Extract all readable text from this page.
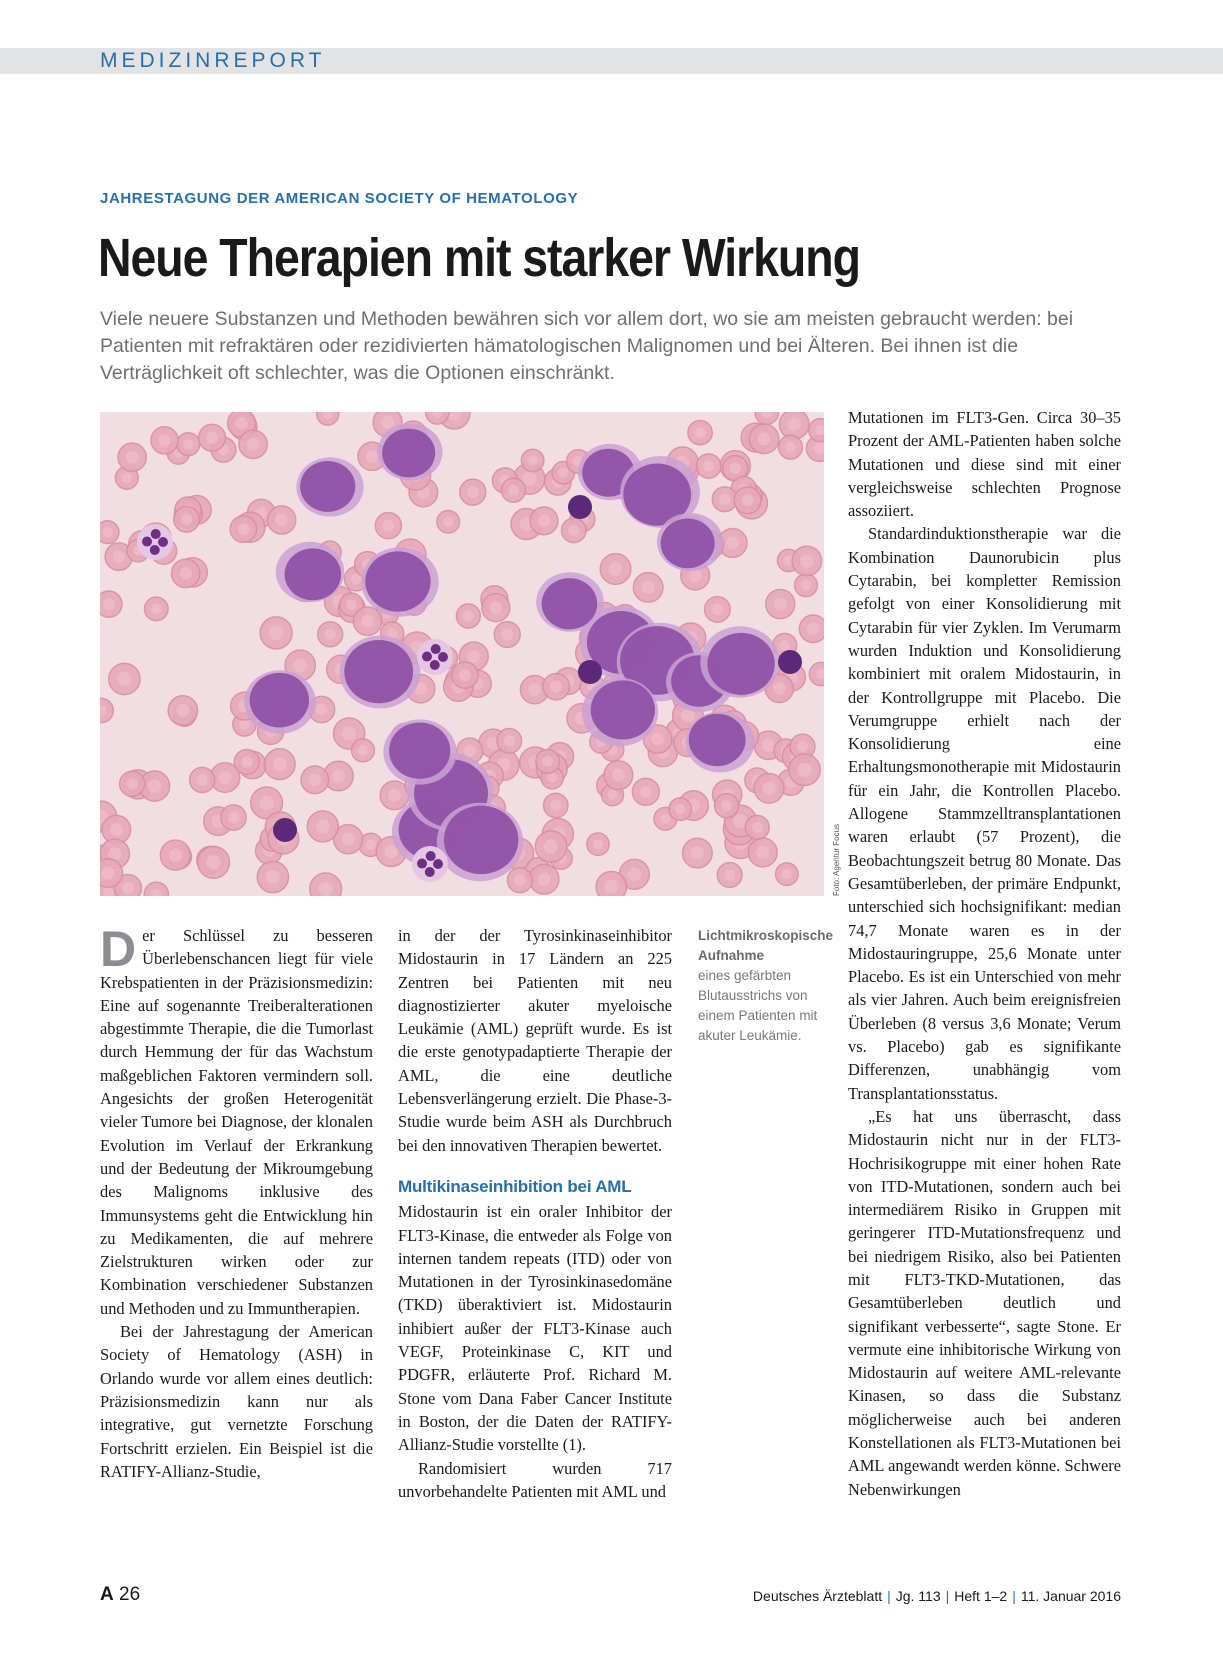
MEDIZINREPORT
JAHRESTAGUNG DER AMERICAN SOCIETY OF HEMATOLOGY
Neue Therapien mit starker Wirkung

Viele neuere Substanzen und Methoden bewähren sich vor allem dort, wo sie am meisten gebraucht werden: bei Patienten mit refraktären oder rezidivierten hämatologischen Malignomen und bei Älteren. Bei ihnen ist die Verträglichkeit oft schlechter, was die Optionen einschränkt.

Foto: Agentur Focus

Der Schlüssel zu besseren Überlebenschancen liegt für viele Krebspatienten in der Präzisionsmedizin: Eine auf sogenannte Treiberalterationen abgestimmte Therapie, die die Tumorlast durch Hemmung der für das Wachstum maßgeblichen Faktoren vermindern soll. Angesichts der großen Heterogenität vieler Tumore bei Diagnose, der klonalen Evolution im Verlauf der Erkrankung und der Bedeutung der Mikroumgebung des Malignoms inklusive des Immunsystems geht die Entwicklung hin zu Medikamenten, die auf mehrere Zielstrukturen wirken oder zur Kombination verschiedener Substanzen und Methoden und zu Immuntherapien.

Bei der Jahrestagung der American Society of Hematology (ASH) in Orlando wurde vor allem eines deutlich: Präzisionsmedizin kann nur als integrative, gut vernetzte Forschung Fortschritt erzielen. Ein Beispiel ist die RATIFY-Allianz-Studie,

in der der Tyrosinkinaseinhibitor Midostaurin in 17 Ländern an 225 Zentren bei Patienten mit neu diagnostizierter akuter myeloische Leukämie (AML) geprüft wurde. Es ist die erste genotypadaptierte Therapie der AML, die eine deutliche Lebensverlängerung erzielt. Die Phase-3-Studie wurde beim ASH als Durchbruch bei den innovativen Therapien bewertet.

Multikinaseinhibition bei AML

Midostaurin ist ein oraler Inhibitor der FLT3-Kinase, die entweder als Folge von internen tandem repeats (ITD) oder von Mutationen in der Tyrosinkinasedomäne (TKD) überaktiviert ist. Midostaurin inhibiert außer der FLT3-Kinase auch VEGF, Proteinkinase C, KIT und PDGFR, erläuterte Prof. Richard M. Stone vom Dana Faber Cancer Institute in Boston, der die Daten der RATIFY-Allianz-Studie vorstellte (1).

Randomisiert wurden 717 unvorbehandelte Patienten mit AML und

Lichtmikroskopische Aufnahme
eines gefärbten Blutausstrichs von einem Patienten mit akuter Leukämie.

Mutationen im FLT3-Gen. Circa 30–35 Prozent der AML-Patienten haben solche Mutationen und diese sind mit einer vergleichsweise schlechten Prognose assoziiert.

Standardinduktionstherapie war die Kombination Daunorubicin plus Cytarabin, bei kompletter Remission gefolgt von einer Konsolidierung mit Cytarabin für vier Zyklen. Im Verumarm wurden Induktion und Konsolidierung kombiniert mit oralem Midostaurin, in der Kontrollgruppe mit Placebo. Die Verumgruppe erhielt nach der Konsolidierung eine Erhaltungsmonotherapie mit Midostaurin für ein Jahr, die Kontrollen Placebo. Allogene Stammzelltransplantationen waren erlaubt (57 Prozent), die Beobachtungszeit betrug 80 Monate. Das Gesamtüberleben, der primäre Endpunkt, unterschied sich hochsignifikant: median 74,7 Monate waren es in der Midostauringruppe, 25,6 Monate unter Placebo. Es ist ein Unterschied von mehr als vier Jahren. Auch beim ereignisfreien Überleben (8 versus 3,6 Monate; Verum vs. Placebo) gab es signifikante Differenzen, unabhängig vom Transplantationsstatus.

„Es hat uns überrascht, dass Midostaurin nicht nur in der FLT3-Hochrisikogruppe mit einer hohen Rate von ITD-Mutationen, sondern auch bei intermediärem Risiko in Gruppen mit geringerer ITD-Mutationsfrequenz und bei niedrigem Risiko, also bei Patienten mit FLT3-TKD-Mutationen, das Gesamtüberleben deutlich und signifikant verbesserte“, sagte Stone. Er vermute eine inhibitorische Wirkung von Midostaurin auf weitere AML-relevante Kinasen, so dass die Substanz möglicherweise auch bei anderen Konstellationen als FLT3-Mutationen bei AML angewandt werden könne. Schwere Nebenwirkungen

A 26	Deutsches Ärzteblatt | Jg. 113 | Heft 1–2 | 11. Januar 2016
